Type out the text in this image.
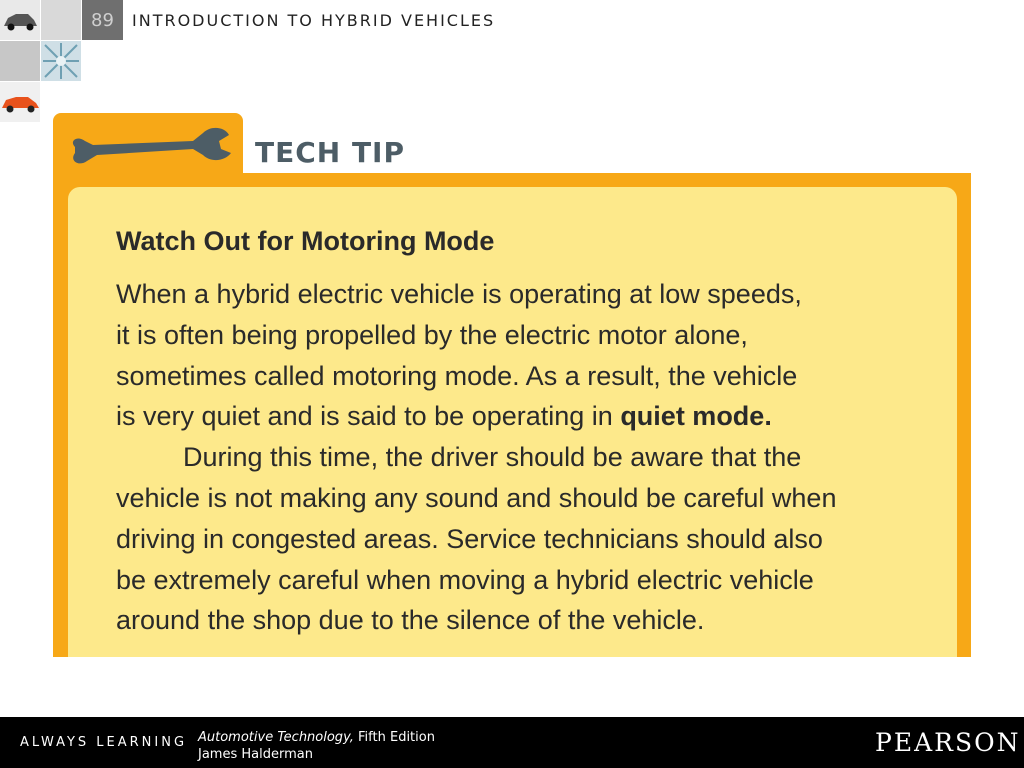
89	INTRODUCTION TO HYBRID VEHICLES
TECH TIP
Watch Out for Motoring Mode

When a hybrid electric vehicle is operating at low speeds,
it is often being propelled by the electric motor alone,
sometimes called motoring mode. As a result, the vehicle
is very quiet and is said to be operating in quiet mode.

During this time, the driver should be aware that the
vehicle is not making any sound and should be careful when
driving in congested areas. Service technicians should also
be extremely careful when moving a hybrid electric vehicle
around the shop due to the silence of the vehicle.

ALWAYS LEARNING Automotive Technology, Fifth Edition
James Halderman	PEARSON
